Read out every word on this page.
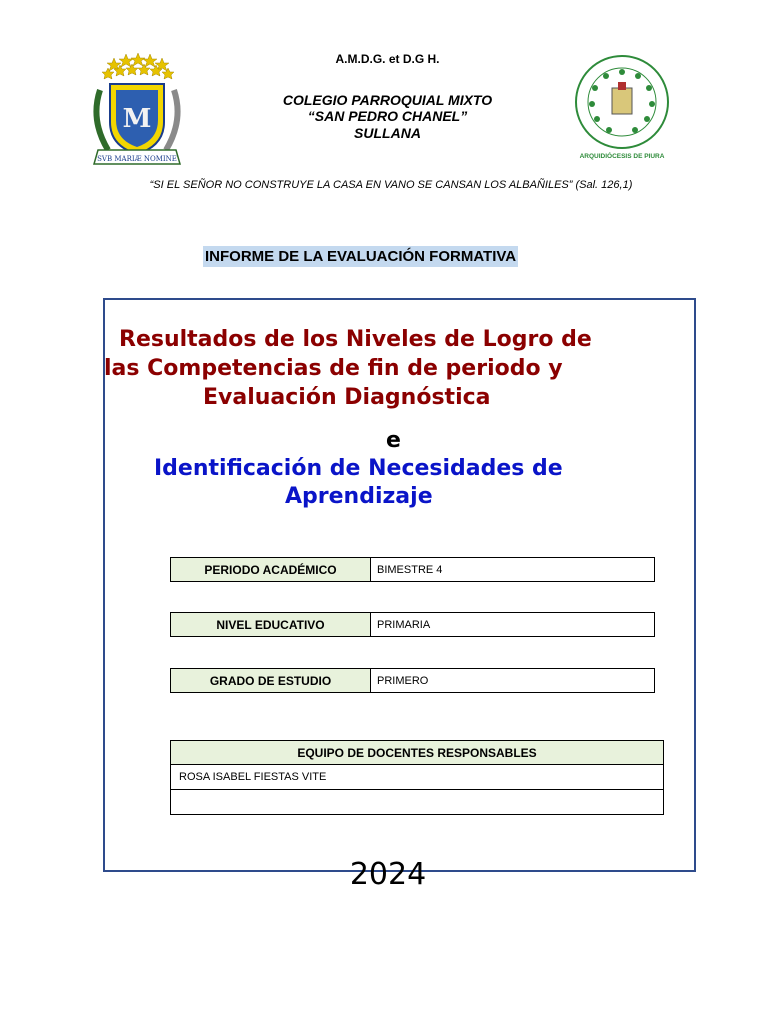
M
SVB MARIÆ NOMINE	ARQUIDIÓCESIS DE PIURA
A.M.D.G. et D.G H.
COLEGIO PARROQUIAL MIXTO
“SAN PEDRO CHANEL”
SULLANA
“SI EL SEÑOR NO CONSTRUYE LA CASA EN VANO SE CANSAN LOS ALBAÑILES” (Sal. 126,1)
INFORME DE LA EVALUACIÓN FORMATIVA
Resultados de los Niveles de Logro de
las Competencias de fin de periodo y
Evaluación Diagnóstica
e
Identificación de Necesidades de
Aprendizaje
PERIODO ACADÉMICO	BIMESTRE 4
NIVEL EDUCATIVO	PRIMARIA
GRADO DE ESTUDIO	PRIMERO
EQUIPO DE DOCENTES RESPONSABLES
ROSA ISABEL FIESTAS VITE
2024
